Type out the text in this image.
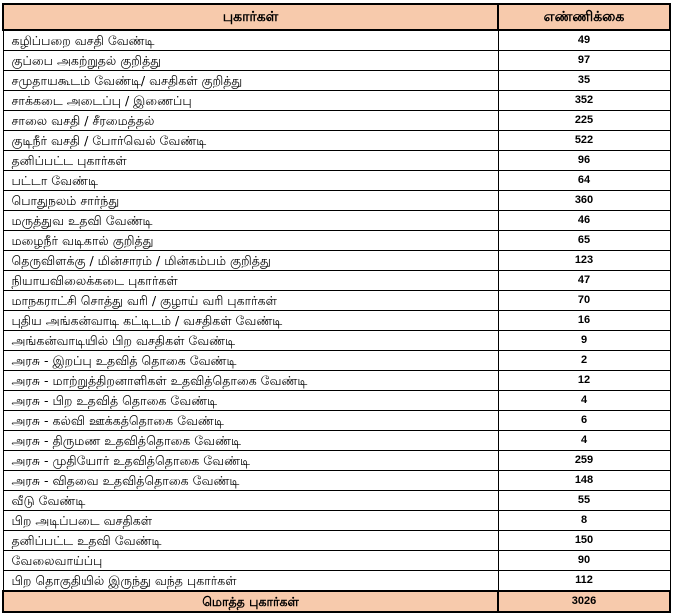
புகார்கள்	எண்ணிக்கை
கழிப்பறை வசதி வேண்டி	49
குப்பை அகற்றுதல் குறித்து	97
சமுதாயகூடம் வேண்டி/ வசதிகள் குறித்து	35
சாக்கடை அடைப்பு / இணைப்பு	352
சாலை வசதி / சீரமைத்தல்	225
குடிநீர் வசதி / போர்வெல் வேண்டி	522
தனிப்பட்ட புகார்கள்	96
பட்டா வேண்டி	64
பொதுநலம் சார்ந்து	360
மருத்துவ உதவி வேண்டி	46
மழைநீர் வடிகால் குறித்து	65
தெருவிளக்கு / மின்சாரம் / மின்கம்பம் குறித்து	123
நியாயவிலைக்கடை புகார்கள்	47
மாநகராட்சி சொத்து வரி / குழாய் வரி புகார்கள்	70
புதிய அங்கன்வாடி கட்டிடம் / வசதிகள் வேண்டி	16
அங்கன்வாடியில் பிற வசதிகள் வேண்டி	9
அரசு - இறப்பு உதவித் தொகை வேண்டி	2
அரசு - மாற்றுத்திறனாளிகள் உதவித்தொகை வேண்டி	12
அரசு - பிற உதவித் தொகை வேண்டி	4
அரசு - கல்வி ஊக்கத்தொகை வேண்டி	6
அரசு - திருமண உதவித்தொகை வேண்டி	4
அரசு - முதியோர் உதவித்தொகை வேண்டி	259
அரசு - விதவை உதவித்தொகை வேண்டி	148
வீடு வேண்டி	55
பிற அடிப்படை வசதிகள்	8
தனிப்பட்ட உதவி வேண்டி	150
வேலைவாய்ப்பு	90
பிற தொகுதியில் இருந்து வந்த புகார்கள்	112
மொத்த புகார்கள்	3026
